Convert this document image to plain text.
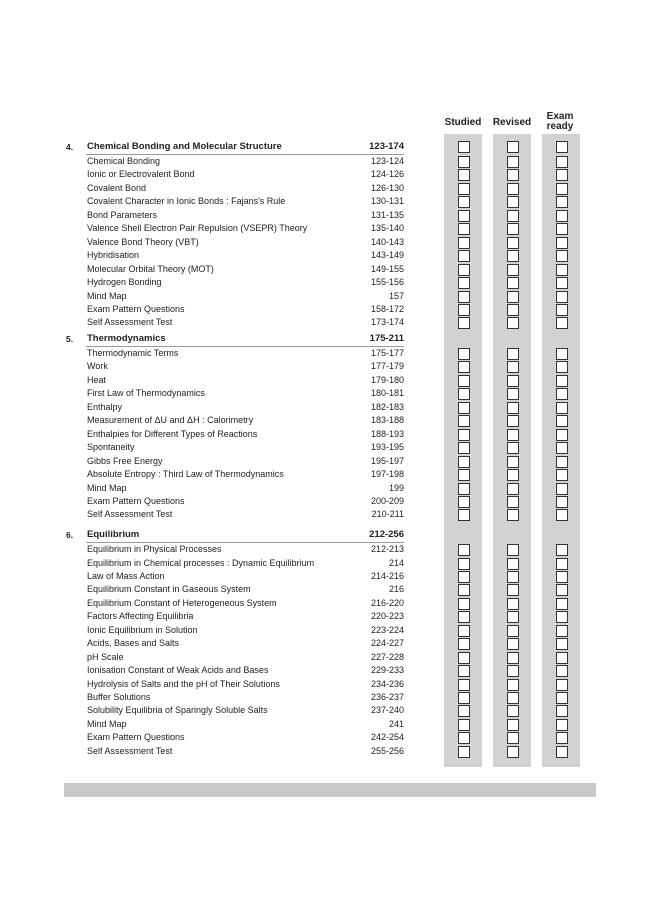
Studied	Revised
Exam ready
4. Chemical Bonding and Molecular Structure	123-174
Chemical Bonding	123-124
Ionic or Electrovalent Bond	124-126
Covalent Bond	126-130
Covalent Character in Ionic Bonds : Fajans's Rule	130-131
Bond Parameters	131-135
Valence Shell Electron Pair Repulsion (VSEPR) Theory	135-140
Valence Bond Theory (VBT)	140-143
Hybridisation	143-149
Molecular Orbital Theory (MOT)	149-155
Hydrogen Bonding	155-156
Mind Map	157
Exam Pattern Questions	158-172
Self Assessment Test	173-174
5. Thermodynamics	175-211
Thermodynamic Terms	175-177
Work	177-179
Heat	179-180
First Law of Thermodynamics	180-181
Enthalpy	182-183
Measurement of ΔU and ΔH : Calorimetry	183-188
Enthalpies for Different Types of Reactions	188-193
Spontaneity	193-195
Gibbs Free Energy	195-197
Absolute Entropy : Third Law of Thermodynamics	197-198
Mind Map	199
Exam Pattern Questions	200-209
Self Assessment Test	210-211
6. Equilibrium	212-256
Equilibrium in Physical Processes	212-213
Equilibrium in Chemical processes : Dynamic Equilibrium	214
Law of Mass Action	214-216
Equilibrium Constant in Gaseous System	216
Equilibrium Constant of Heterogeneous System	216-220
Factors Affecting Equilibria	220-223
Ionic Equilibrium in Solution	223-224
Acids, Bases and Salts	224-227
pH Scale	227-228
Ionisation Constant of Weak Acids and Bases	229-233
Hydrolysis of Salts and the pH of Their Solutions	234-236
Buffer Solutions	236-237
Solubility Equilibria of Sparingly Soluble Salts	237-240
Mind Map	241
Exam Pattern Questions	242-254
Self Assessment Test	255-256
